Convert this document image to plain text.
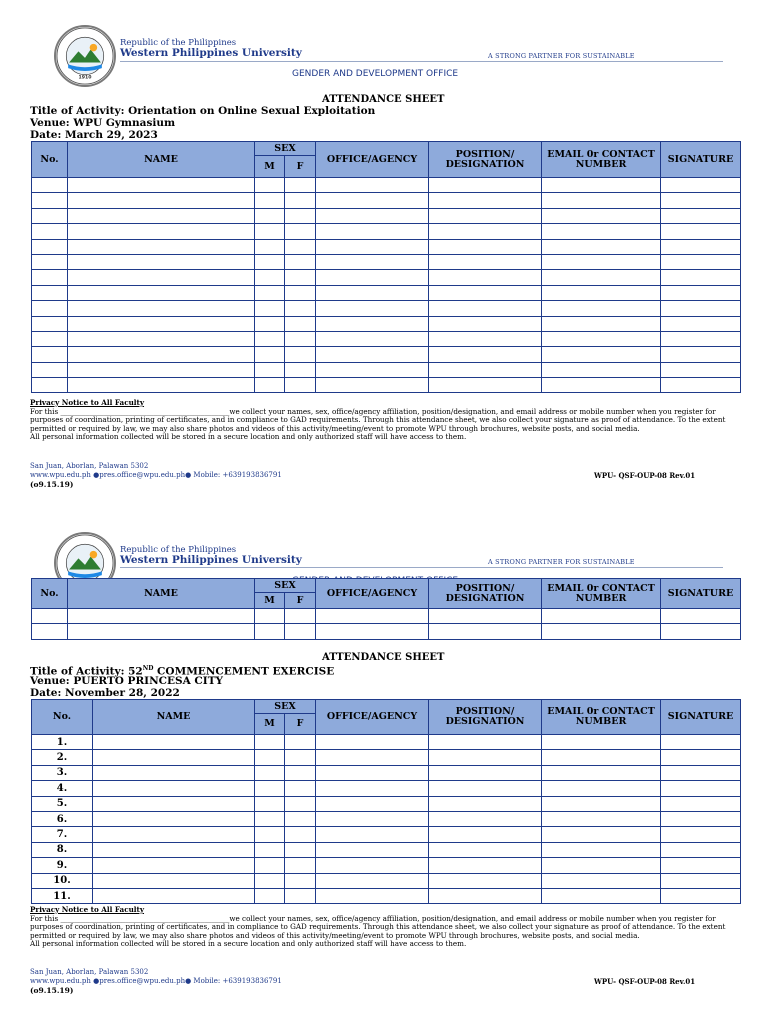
1910
Republic of the Philippines
Western Philippines University	A STRONG PARTNER FOR SUSTAINABLE
GENDER AND DEVELOPMENT OFFICE
ATTENDANCE SHEET
Title of Activity: Orientation on Online Sexual Exploitation
Venue: WPU Gymnasium
Date: March 29, 2023
No.	NAME	SEX		OFFICE/AGENCY	POSITION/ DESIGNATION	EMAIL 0r CONTACT NUMBER	SIGNATURE
		M	F				

Privacy Notice to All Faculty
For this _______________________________________________we collect your names, sex, office/agency affiliation, position/designation, and email address or mobile number when you register for purposes of coordination, printing of certificates, and in compliance to GAD requirements. Through this attendance sheet, we also collect your signature as proof of attendance. To the extent permitted or required by law, we may also share photos and videos of this activity/meeting/event to promote WPU through brochures, website posts, and social media.
All personal information collected will be stored in a secure location and only authorized staff will have access to them.
San Juan, Aborlan, Palawan 5302
www.wpu.edu.ph ●pres.office@wpu.edu.ph● Mobile: +639193836791
(o9.15.19)
WPU- QSF-OUP-08 Rev.01
Republic of the Philippines
Western Philippines University	A STRONG PARTNER FOR SUSTAINABLE
No.	NAME	SEX		OFFICE/AGENCY	POSITION/ DESIGNATION	EMAIL 0r CONTACT NUMBER	SIGNATURE
		M	F				

ATTENDANCE SHEET
Title of Activity: 52ND COMMENCEMENT EXERCISE
Venue: PUERTO PRINCESA CITY
Date: November 28, 2022
No.	NAME	SEX		OFFICE/AGENCY	POSITION/ DESIGNATION	EMAIL 0r CONTACT NUMBER	SIGNATURE
		M	F				
1.							
2.							
3.							
4.							
5.							
6.							
7.							
8.							
9.							
10.							
11.							
Privacy Notice to All Faculty
For this _______________________________________________we collect your names, sex, office/agency affiliation, position/designation, and email address or mobile number when you register for purposes of coordination, printing of certificates, and in compliance to GAD requirements. Through this attendance sheet, we also collect your signature as proof of attendance. To the extent permitted or required by law, we may also share photos and videos of this activity/meeting/event to promote WPU through brochures, website posts, and social media.
All personal information collected will be stored in a secure location and only authorized staff will have access to them.
San Juan, Aborlan, Palawan 5302
www.wpu.edu.ph ●pres.office@wpu.edu.ph● Mobile: +639193836791
(o9.15.19)
WPU- QSF-OUP-08 Rev.01
